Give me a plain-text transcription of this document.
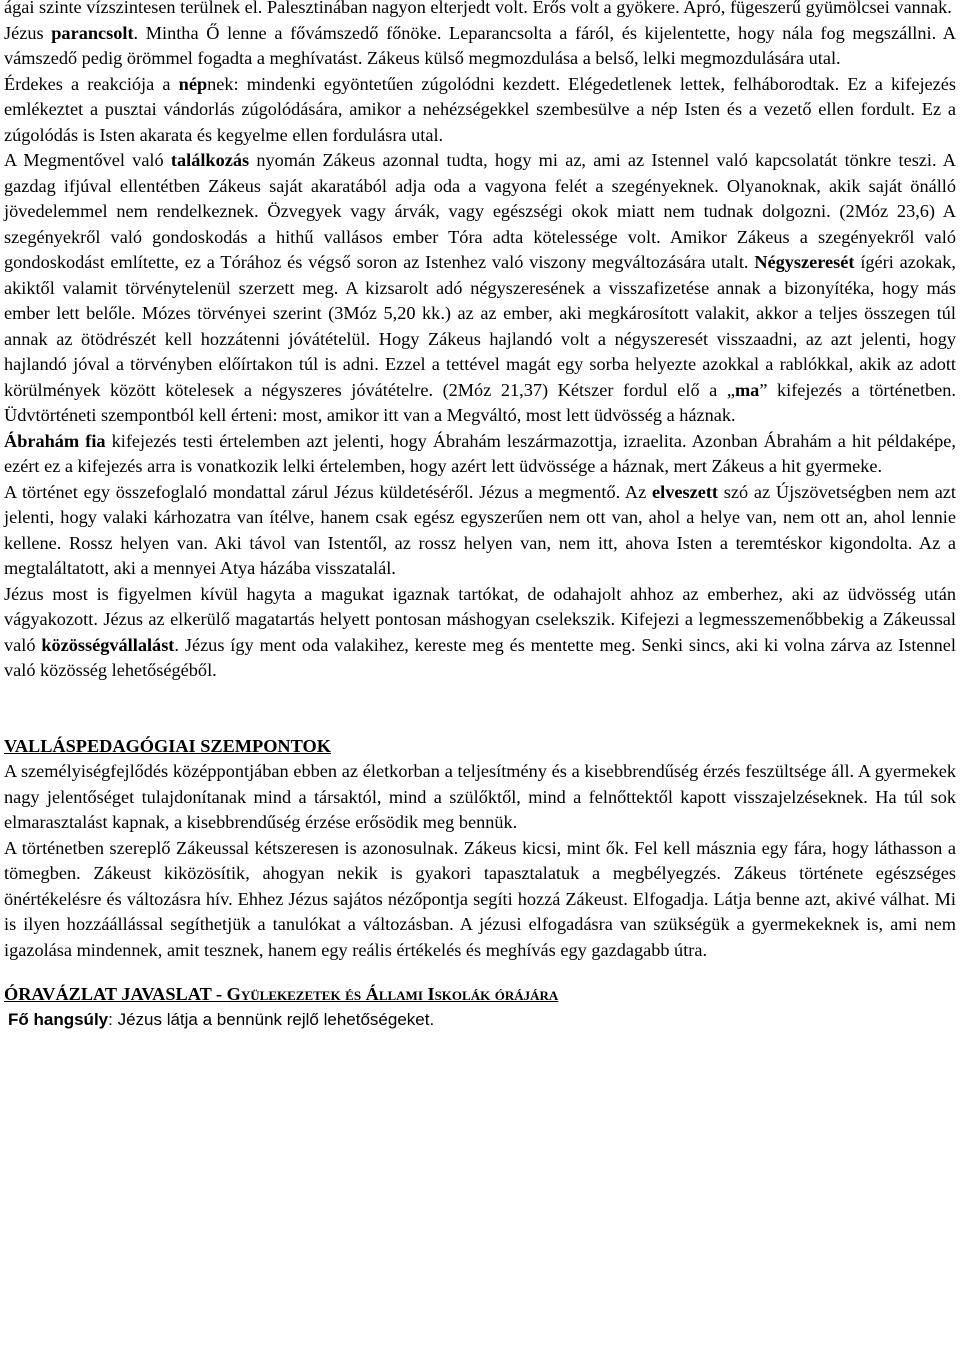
ágai szinte vízszintesen terülnek el. Palesztinában nagyon elterjedt volt. Erős volt a gyökere. Apró, fügeszerű gyümölcsei vannak.
Jézus parancsolt. Mintha Ő lenne a fővámszedő főnöke. Leparancsolta a fáról, és kijelentette, hogy nála fog megszállni. A vámszedő pedig örömmel fogadta a meghívatást. Zákeus külső megmozdulása a belső, lelki megmozdulására utal.

Érdekes a reakciója a népnek: mindenki egyöntetűen zúgolódni kezdett. Elégedetlenek lettek, felháborodtak. Ez a kifejezés emlékeztet a pusztai vándorlás zúgolódására, amikor a nehézségekkel szembesülve a nép Isten és a vezető ellen fordult. Ez a zúgolódás is Isten akarata és kegyelme ellen fordulásra utal.

A Megmentővel való találkozás nyomán Zákeus azonnal tudta, hogy mi az, ami az Istennel való kapcsolatát tönkre teszi. A gazdag ifjúval ellentétben Zákeus saját akaratából adja oda a vagyona felét a szegényeknek. Olyanoknak, akik saját önálló jövedelemmel nem rendelkeznek. Özvegyek vagy árvák, vagy egészségi okok miatt nem tudnak dolgozni. (2Móz 23,6) A szegényekről való gondoskodás a hithű vallásos ember Tóra adta kötelessége volt. Amikor Zákeus a szegényekről való gondoskodást említette, ez a Tórához és végső soron az Istenhez való viszony megváltozására utalt. Négyszeresét ígéri azokak, akiktől valamit törvénytelenül szerzett meg. A kizsarolt adó négyszeresének a visszafizetése annak a bizonyítéka, hogy más ember lett belőle. Mózes törvényei szerint (3Móz 5,20 kk.) az az ember, aki megkárosított valakit, akkor a teljes összegen túl annak az ötödrészét kell hozzátenni jóvátételül. Hogy Zákeus hajlandó volt a négyszeresét visszaadni, az azt jelenti, hogy hajlandó jóval a törvényben előírtakon túl is adni. Ezzel a tettével magát egy sorba helyezte azokkal a rablókkal, akik az adott körülmények között kötelesek a négyszeres jóvátételre. (2Móz 21,37) Kétszer fordul elő a „ma” kifejezés a történetben. Üdvtörténeti szempontból kell érteni: most, amikor itt van a Megváltó, most lett üdvösség a háznak.

Ábrahám fia kifejezés testi értelemben azt jelenti, hogy Ábrahám leszármazottja, izraelita. Azonban Ábrahám a hit példaképe, ezért ez a kifejezés arra is vonatkozik lelki értelemben, hogy azért lett üdvössége a háznak, mert Zákeus a hit gyermeke.

A történet egy összefoglaló mondattal zárul Jézus küldetéséről. Jézus a megmentő. Az elveszett szó az Újszövetségben nem azt jelenti, hogy valaki kárhozatra van ítélve, hanem csak egész egyszerűen nem ott van, ahol a helye van, nem ott an, ahol lennie kellene. Rossz helyen van. Aki távol van Istentől, az rossz helyen van, nem itt, ahova Isten a teremtéskor kigondolta. Az a megtaláltatott, aki a mennyei Atya házába visszatalál.

Jézus most is figyelmen kívül hagyta a magukat igaznak tartókat, de odahajolt ahhoz az emberhez, aki az üdvösség után vágyakozott. Jézus az elkerülő magatartás helyett pontosan máshogyan cselekszik. Kifejezi a legmesszemenőbbekig a Zákeussal való közösségvállalást. Jézus így ment oda valakihez, kereste meg és mentette meg. Senki sincs, aki ki volna zárva az Istennel való közösség lehetőségéből.

VALLÁSPEDAGÓGIAI SZEMPONTOK

A személyiségfejlődés középpontjában ebben az életkorban a teljesítmény és a kisebbrendűség érzés feszültsége áll. A gyermekek nagy jelentőséget tulajdonítanak mind a társaktól, mind a szülőktől, mind a felnőttektől kapott visszajelzéseknek. Ha túl sok elmarasztalást kapnak, a kisebbrendűség érzése erősödik meg bennük.

A történetben szereplő Zákeussal kétszeresen is azonosulnak. Zákeus kicsi, mint ők. Fel kell másznia egy fára, hogy láthasson a tömegben. Zákeust kiközösítik, ahogyan nekik is gyakori tapasztalatuk a megbélyegzés. Zákeus története egészséges önértékelésre és változásra hív. Ehhez Jézus sajátos nézőpontja segíti hozzá Zákeust. Elfogadja. Látja benne azt, akivé válhat. Mi is ilyen hozzáállással segíthetjük a tanulókat a változásban. A jézusi elfogadásra van szükségük a gyermekeknek is, ami nem igazolása mindennek, amit tesznek, hanem egy reális értékelés és meghívás egy gazdagabb útra.

ÓRAVÁZLAT JAVASLAT - Gyülekezetek és Állami Iskolák órájára

Fő hangsúly: Jézus látja a bennünk rejlő lehetőségeket.
